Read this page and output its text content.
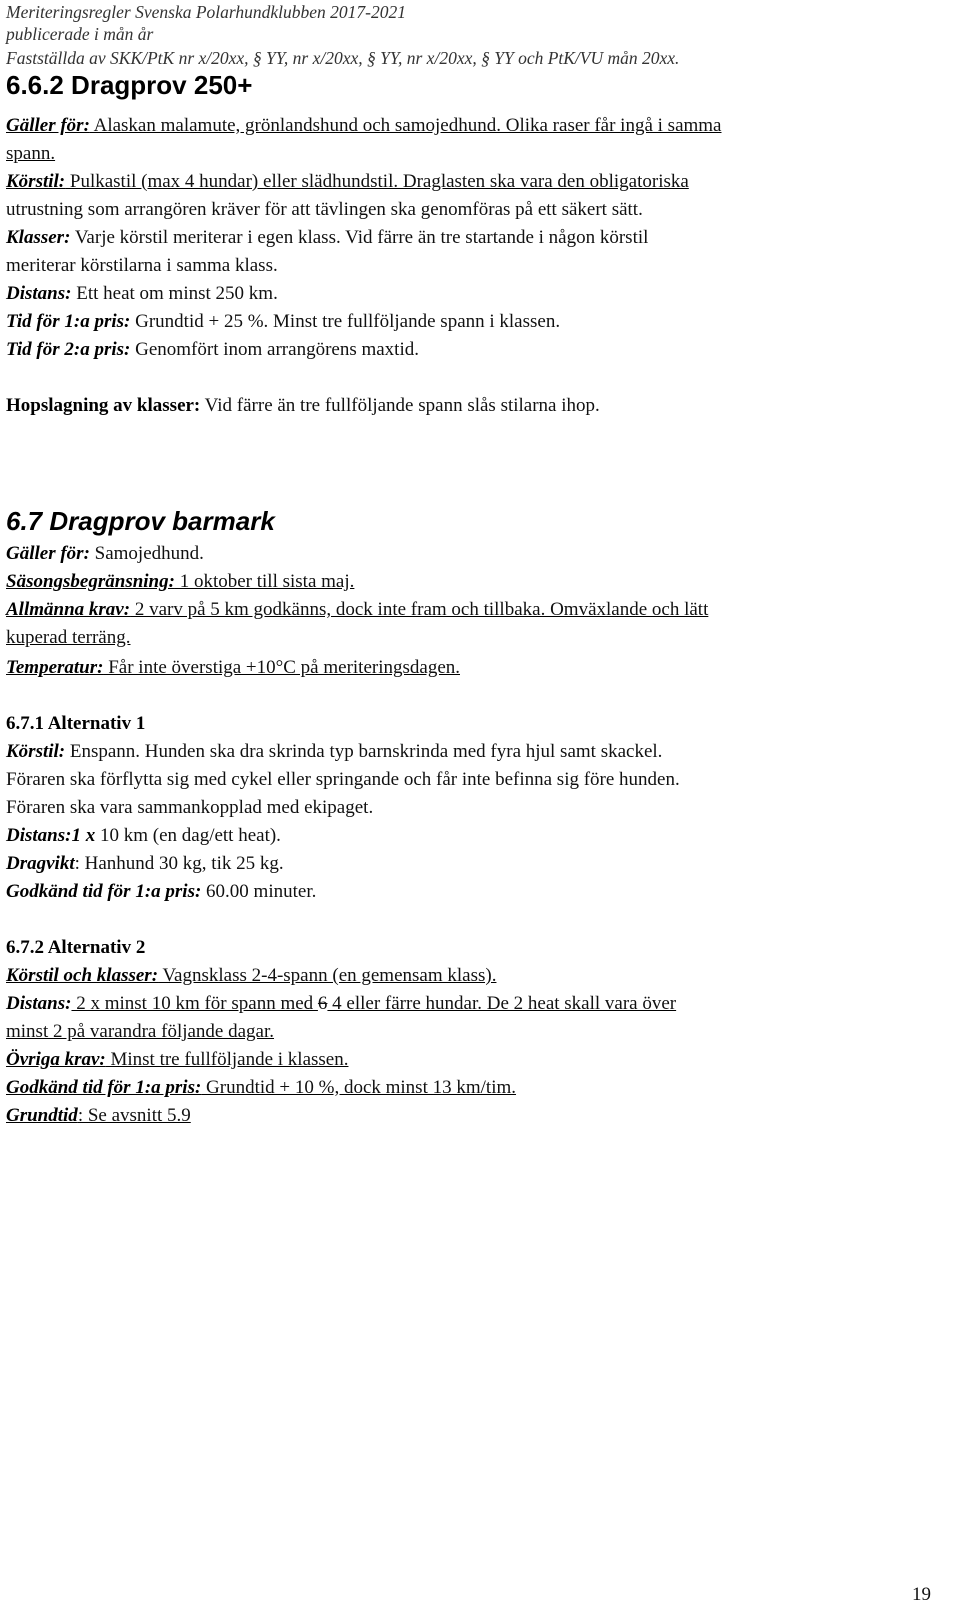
Meriteringsregler Svenska Polarhundklubben 2017-2021
publicerade i mån år
Fastställda av SKK/PtK nr x/20xx, § YY, nr x/20xx, § YY, nr x/20xx, § YY och PtK/VU mån 20xx.
6.6.2 Dragprov 250+
Gäller för: Alaskan malamute, grönlandshund och samojedhund. Olika raser får ingå i samma
spann.
Körstil: Pulkastil (max 4 hundar) eller slädhundstil. Draglasten ska vara den obligatoriska
utrustning som arrangören kräver för att tävlingen ska genomföras på ett säkert sätt.
Klasser: Varje körstil meriterar i egen klass. Vid färre än tre startande i någon körstil
meriterar körstilarna i samma klass.
Distans: Ett heat om minst 250 km.
Tid för 1:a pris: Grundtid + 25 %. Minst tre fullföljande spann i klassen.
Tid för 2:a pris: Genomfört inom arrangörens maxtid.
Hopslagning av klasser: Vid färre än tre fullföljande spann slås stilarna ihop.
6.7 Dragprov barmark
Gäller för: Samojedhund.
Säsongsbegränsning: 1 oktober till sista maj.
Allmänna krav: 2 varv på 5 km godkänns, dock inte fram och tillbaka. Omväxlande och lätt
kuperad terräng.
Temperatur: Får inte överstiga +10°C på meriteringsdagen.
6.7.1 Alternativ 1
Körstil: Enspann. Hunden ska dra skrinda typ barnskrinda med fyra hjul samt skackel.
Föraren ska förflytta sig med cykel eller springande och får inte befinna sig före hunden.
Föraren ska vara sammankopplad med ekipaget.
Distans:1 x 10 km (en dag/ett heat).
Dragvikt: Hanhund 30 kg, tik 25 kg.
Godkänd tid för 1:a pris: 60.00 minuter.
6.7.2 Alternativ 2
Körstil och klasser: Vagnsklass 2-4-spann (en gemensam klass).
Distans: 2 x minst 10 km för spann med 6 4 eller färre hundar. De 2 heat skall vara över
minst 2 på varandra följande dagar.
Övriga krav: Minst tre fullföljande i klassen.
Godkänd tid för 1:a pris: Grundtid + 10 %, dock minst 13 km/tim.
Grundtid: Se avsnitt 5.9
19
